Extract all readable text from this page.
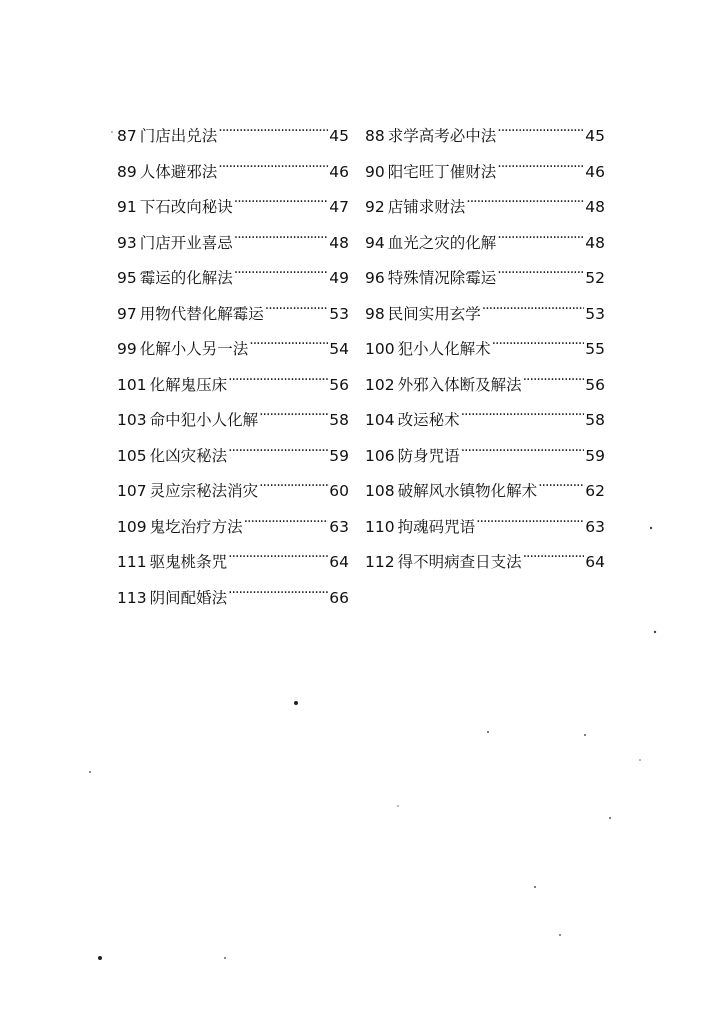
87 门店出兑法 ·····	45 88 求学高考必中法 ·····	45
89 人体避邪法 ·····	46 90 阳宅旺丁催财法 ·····	46
91 下石改向秘诀 ·····	47 92 店铺求财法 ·····	48
93 门店开业喜忌 ·····	48 94 血光之灾的化解 ·····	48
95 霉运的化解法 ·····	49 96 特殊情况除霉运 ·····	52
97 用物代替化解霉运 ·····	53 98 民间实用玄学 ·····	53
99 化解小人另一法 ·····	54 100 犯小人化解术 ·····	55
101 化解鬼压床 ·····	56 102 外邪入体断及解法 ·····	56
103 命中犯小人化解 ·····	58 104 改运秘术 ·····	58
105 化凶灾秘法 ·····	59 106 防身咒语 ·····	59
107 灵应宗秘法消灾 ·····	60 108 破解风水镇物化解术 ·····	62
109 鬼圪治疗方法 ·····	63 110 拘魂码咒语 ·····	63
111 驱鬼桃条咒 ·····	64 112 得不明病查日支法 ·····	64
113 阴间配婚法 ·····	66
